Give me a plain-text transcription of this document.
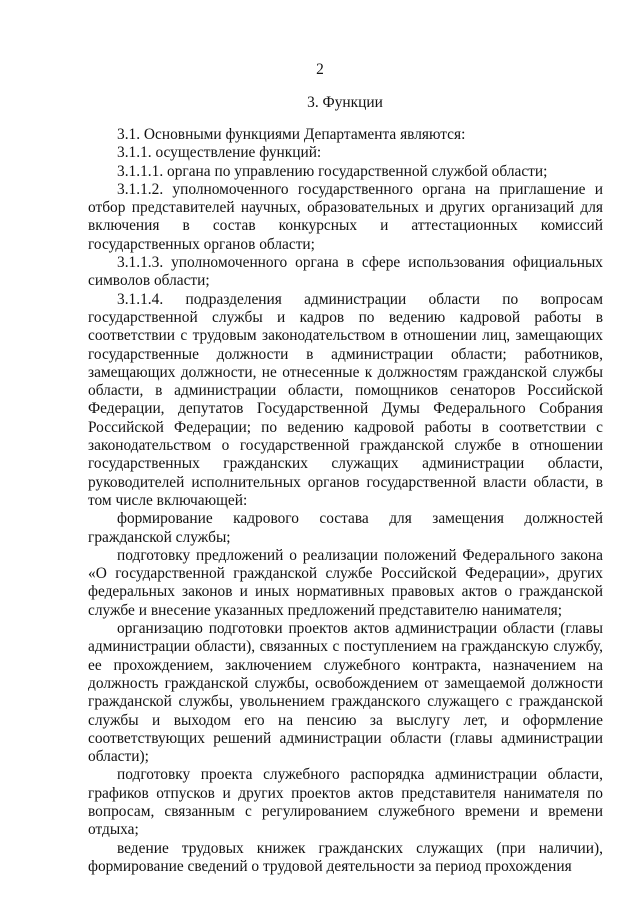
2
3. Функции

3.1. Основными функциями Департамента являются:

3.1.1. осуществление функций:

3.1.1.1. органа по управлению государственной службой области;

3.1.1.2. уполномоченного государственного органа на приглашение и отбор представителей научных, образовательных и других организаций для включения в состав конкурсных и аттестационных комиссий государственных органов области;

3.1.1.3. уполномоченного органа в сфере использования официальных символов области;

3.1.1.4. подразделения администрации области по вопросам государственной службы и кадров по ведению кадровой работы в соответствии с трудовым законодательством в отношении лиц, замещающих государственные должности в администрации области; работников, замещающих должности, не отнесенные к должностям гражданской службы области, в администрации области, помощников сенаторов Российской Федерации, депутатов Государственной Думы Федерального Собрания Российской Федерации; по ведению кадровой работы в соответствии с законодательством о государственной гражданской службе в отношении государственных гражданских служащих администрации области, руководителей исполнительных органов государственной власти области, в том числе включающей:

формирование кадрового состава для замещения должностей гражданской службы;

подготовку предложений о реализации положений Федерального закона «О государственной гражданской службе Российской Федерации», других федеральных законов и иных нормативных правовых актов о гражданской службе и внесение указанных предложений представителю нанимателя;

организацию подготовки проектов актов администрации области (главы администрации области), связанных с поступлением на гражданскую службу, ее прохождением, заключением служебного контракта, назначением на должность гражданской службы, освобождением от замещаемой должности гражданской службы, увольнением гражданского служащего с гражданской службы и выходом его на пенсию за выслугу лет, и оформление соответствующих решений администрации области (главы администрации области);

подготовку проекта служебного распорядка администрации области, графиков отпусков и других проектов актов представителя нанимателя по вопросам, связанным с регулированием служебного времени и времени отдыха;

ведение трудовых книжек гражданских служащих (при наличии), формирование сведений о трудовой деятельности за период прохождения
